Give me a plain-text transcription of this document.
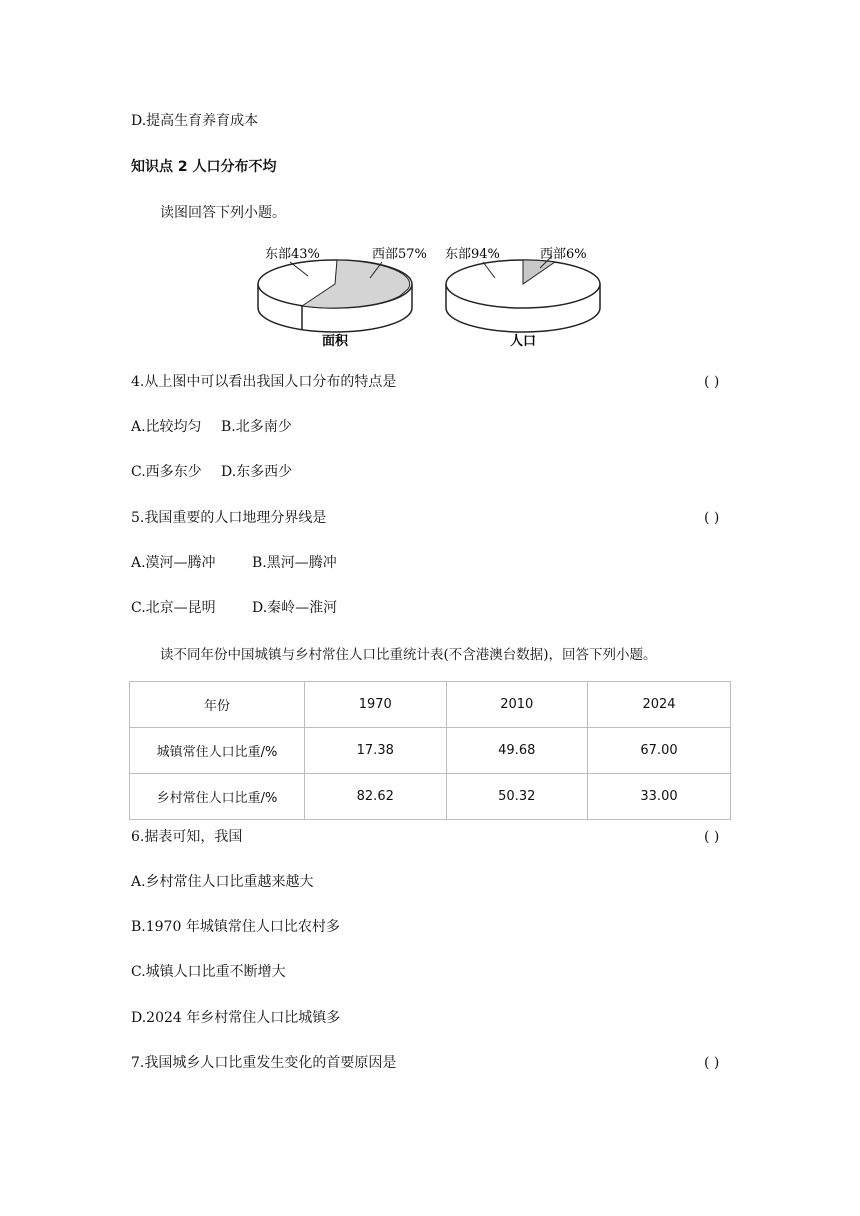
D.提高生育养育成本
知识点 2 人口分布不均
读图回答下列小题。
东部43%	西部57%
面积
东部94%	西部6%
人口
4.从上图中可以看出我国人口分布的特点是	( )
A.比较均匀 B.北多南少
C.西多东少 D.东多西少
5.我国重要的人口地理分界线是	( )
A.漠河—腾冲	B.黑河—腾冲
C.北京—昆明	D.秦岭—淮河
读不同年份中国城镇与乡村常住人口比重统计表(不含港澳台数据)，回答下列小题。
年份	1970	2010	2024
城镇常住人口比重/%	17.38	49.68	67.00
乡村常住人口比重/%	82.62	50.32	33.00
6.据表可知，我国	( )
A.乡村常住人口比重越来越大
B.1970 年城镇常住人口比农村多
C.城镇人口比重不断增大
D.2024 年乡村常住人口比城镇多
7.我国城乡人口比重发生变化的首要原因是	( )
